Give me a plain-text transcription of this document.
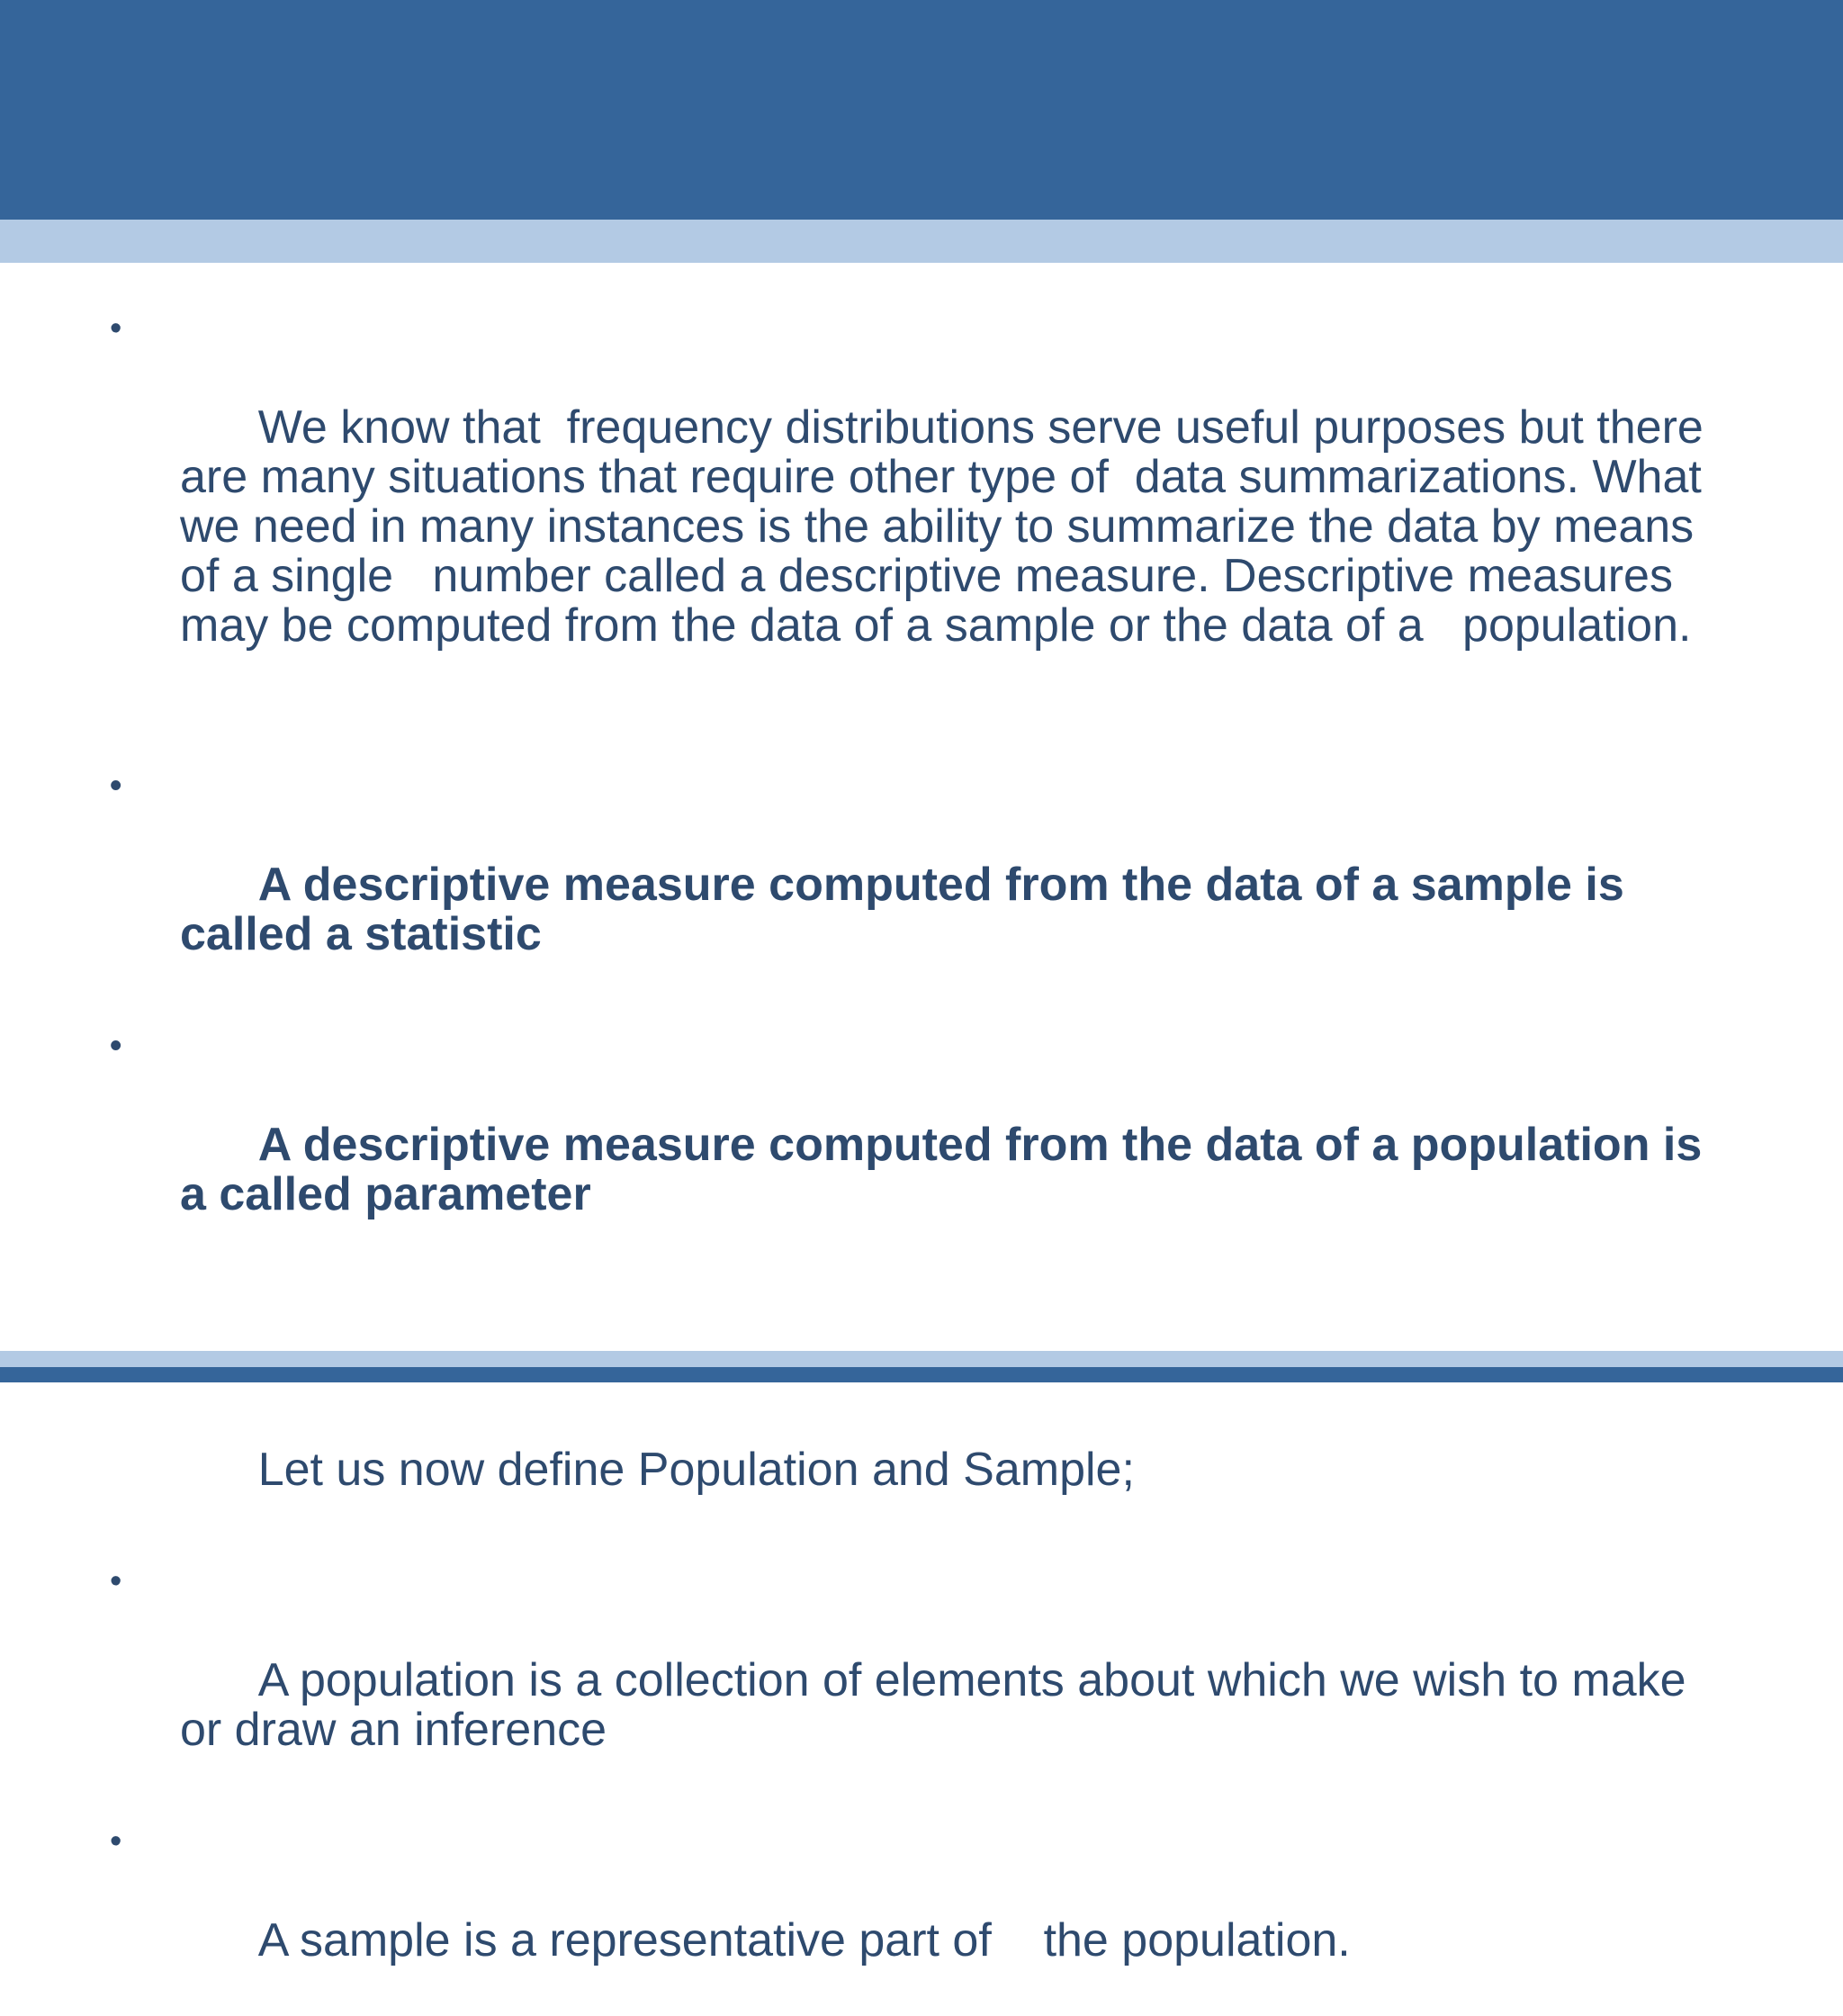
•

We know that  frequency distributions serve useful purposes but there are many situations that require other type of  data summarizations. What we need in many instances is the ability to summarize the data by means of a single   number called a descriptive measure. Descriptive measures may be computed from the data of a sample or the data of a   population.

•

A descriptive measure computed from the data of a sample is called a statistic

•

A descriptive measure computed from the data of a population is a called parameter

Let us now define Population and Sample;

•

A population is a collection of elements about which we wish to make or draw an inference

•

A sample is a representative part of    the population.
